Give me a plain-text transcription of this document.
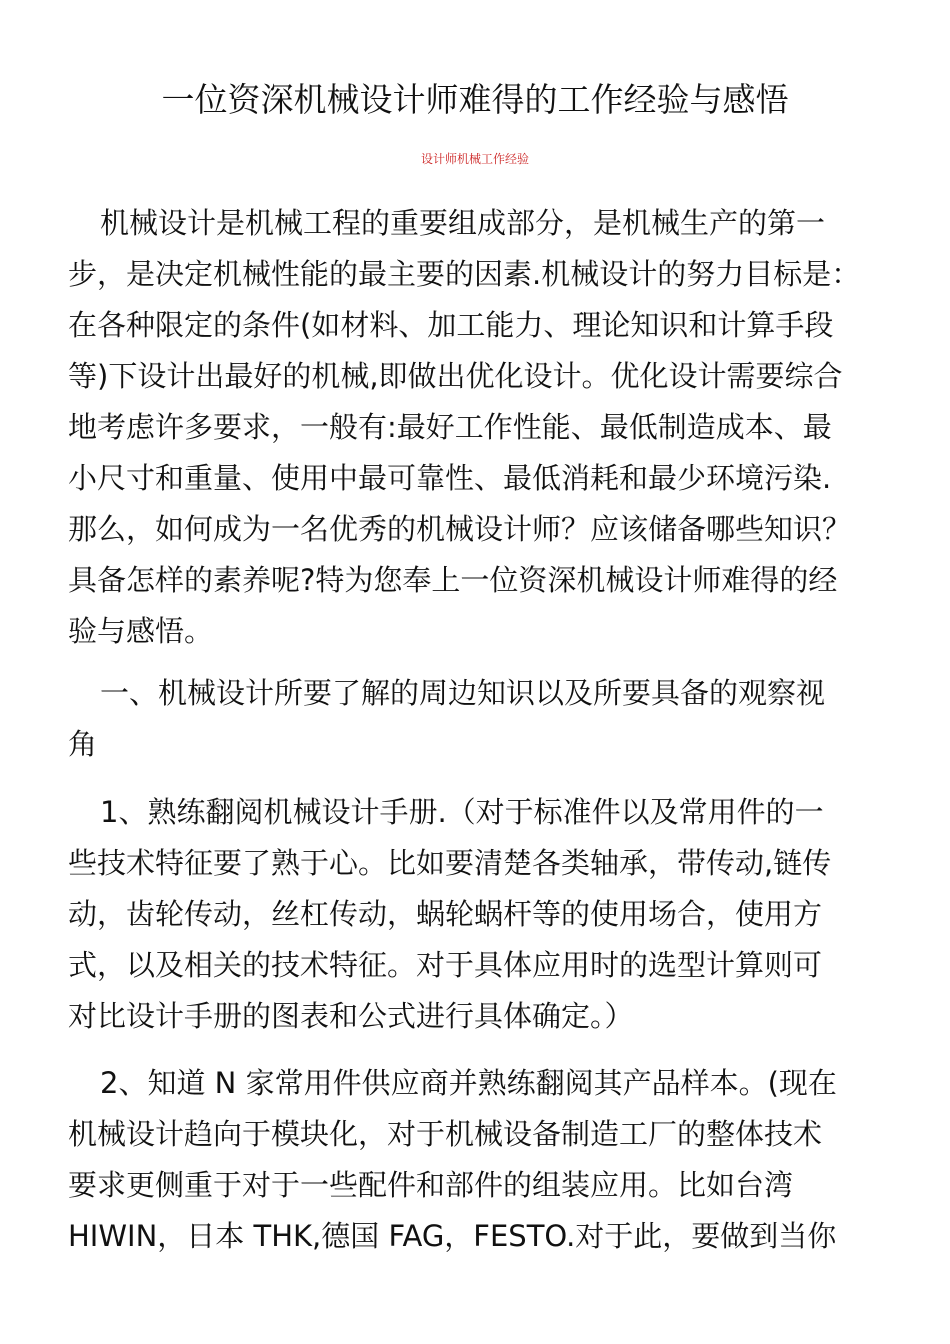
一位资深机械设计师难得的工作经验与感悟
设计师机械工作经验
机械设计是机械工程的重要组成部分，是机械生产的第一
步，是决定机械性能的最主要的因素.机械设计的努力目标是：
在各种限定的条件(如材料、加工能力、理论知识和计算手段
等)下设计出最好的机械,即做出优化设计。优化设计需要综合
地考虑许多要求，一般有:最好工作性能、最低制造成本、最
小尺寸和重量、使用中最可靠性、最低消耗和最少环境污染.
那么，如何成为一名优秀的机械设计师？应该储备哪些知识？
具备怎样的素养呢?特为您奉上一位资深机械设计师难得的经
验与感悟。
一、机械设计所要了解的周边知识以及所要具备的观察视
角
1、熟练翻阅机械设计手册.（对于标准件以及常用件的一
些技术特征要了熟于心。比如要清楚各类轴承，带传动,链传
动，齿轮传动，丝杠传动，蜗轮蜗杆等的使用场合，使用方
式，以及相关的技术特征。对于具体应用时的选型计算则可
对比设计手册的图表和公式进行具体确定。）
2、知道 N 家常用件供应商并熟练翻阅其产品样本。(现在
机械设计趋向于模块化，对于机械设备制造工厂的整体技术
要求更侧重于对于一些配件和部件的组装应用。比如台湾
HIWIN，日本 THK,德国 FAG，FESTO.对于此，要做到当你
